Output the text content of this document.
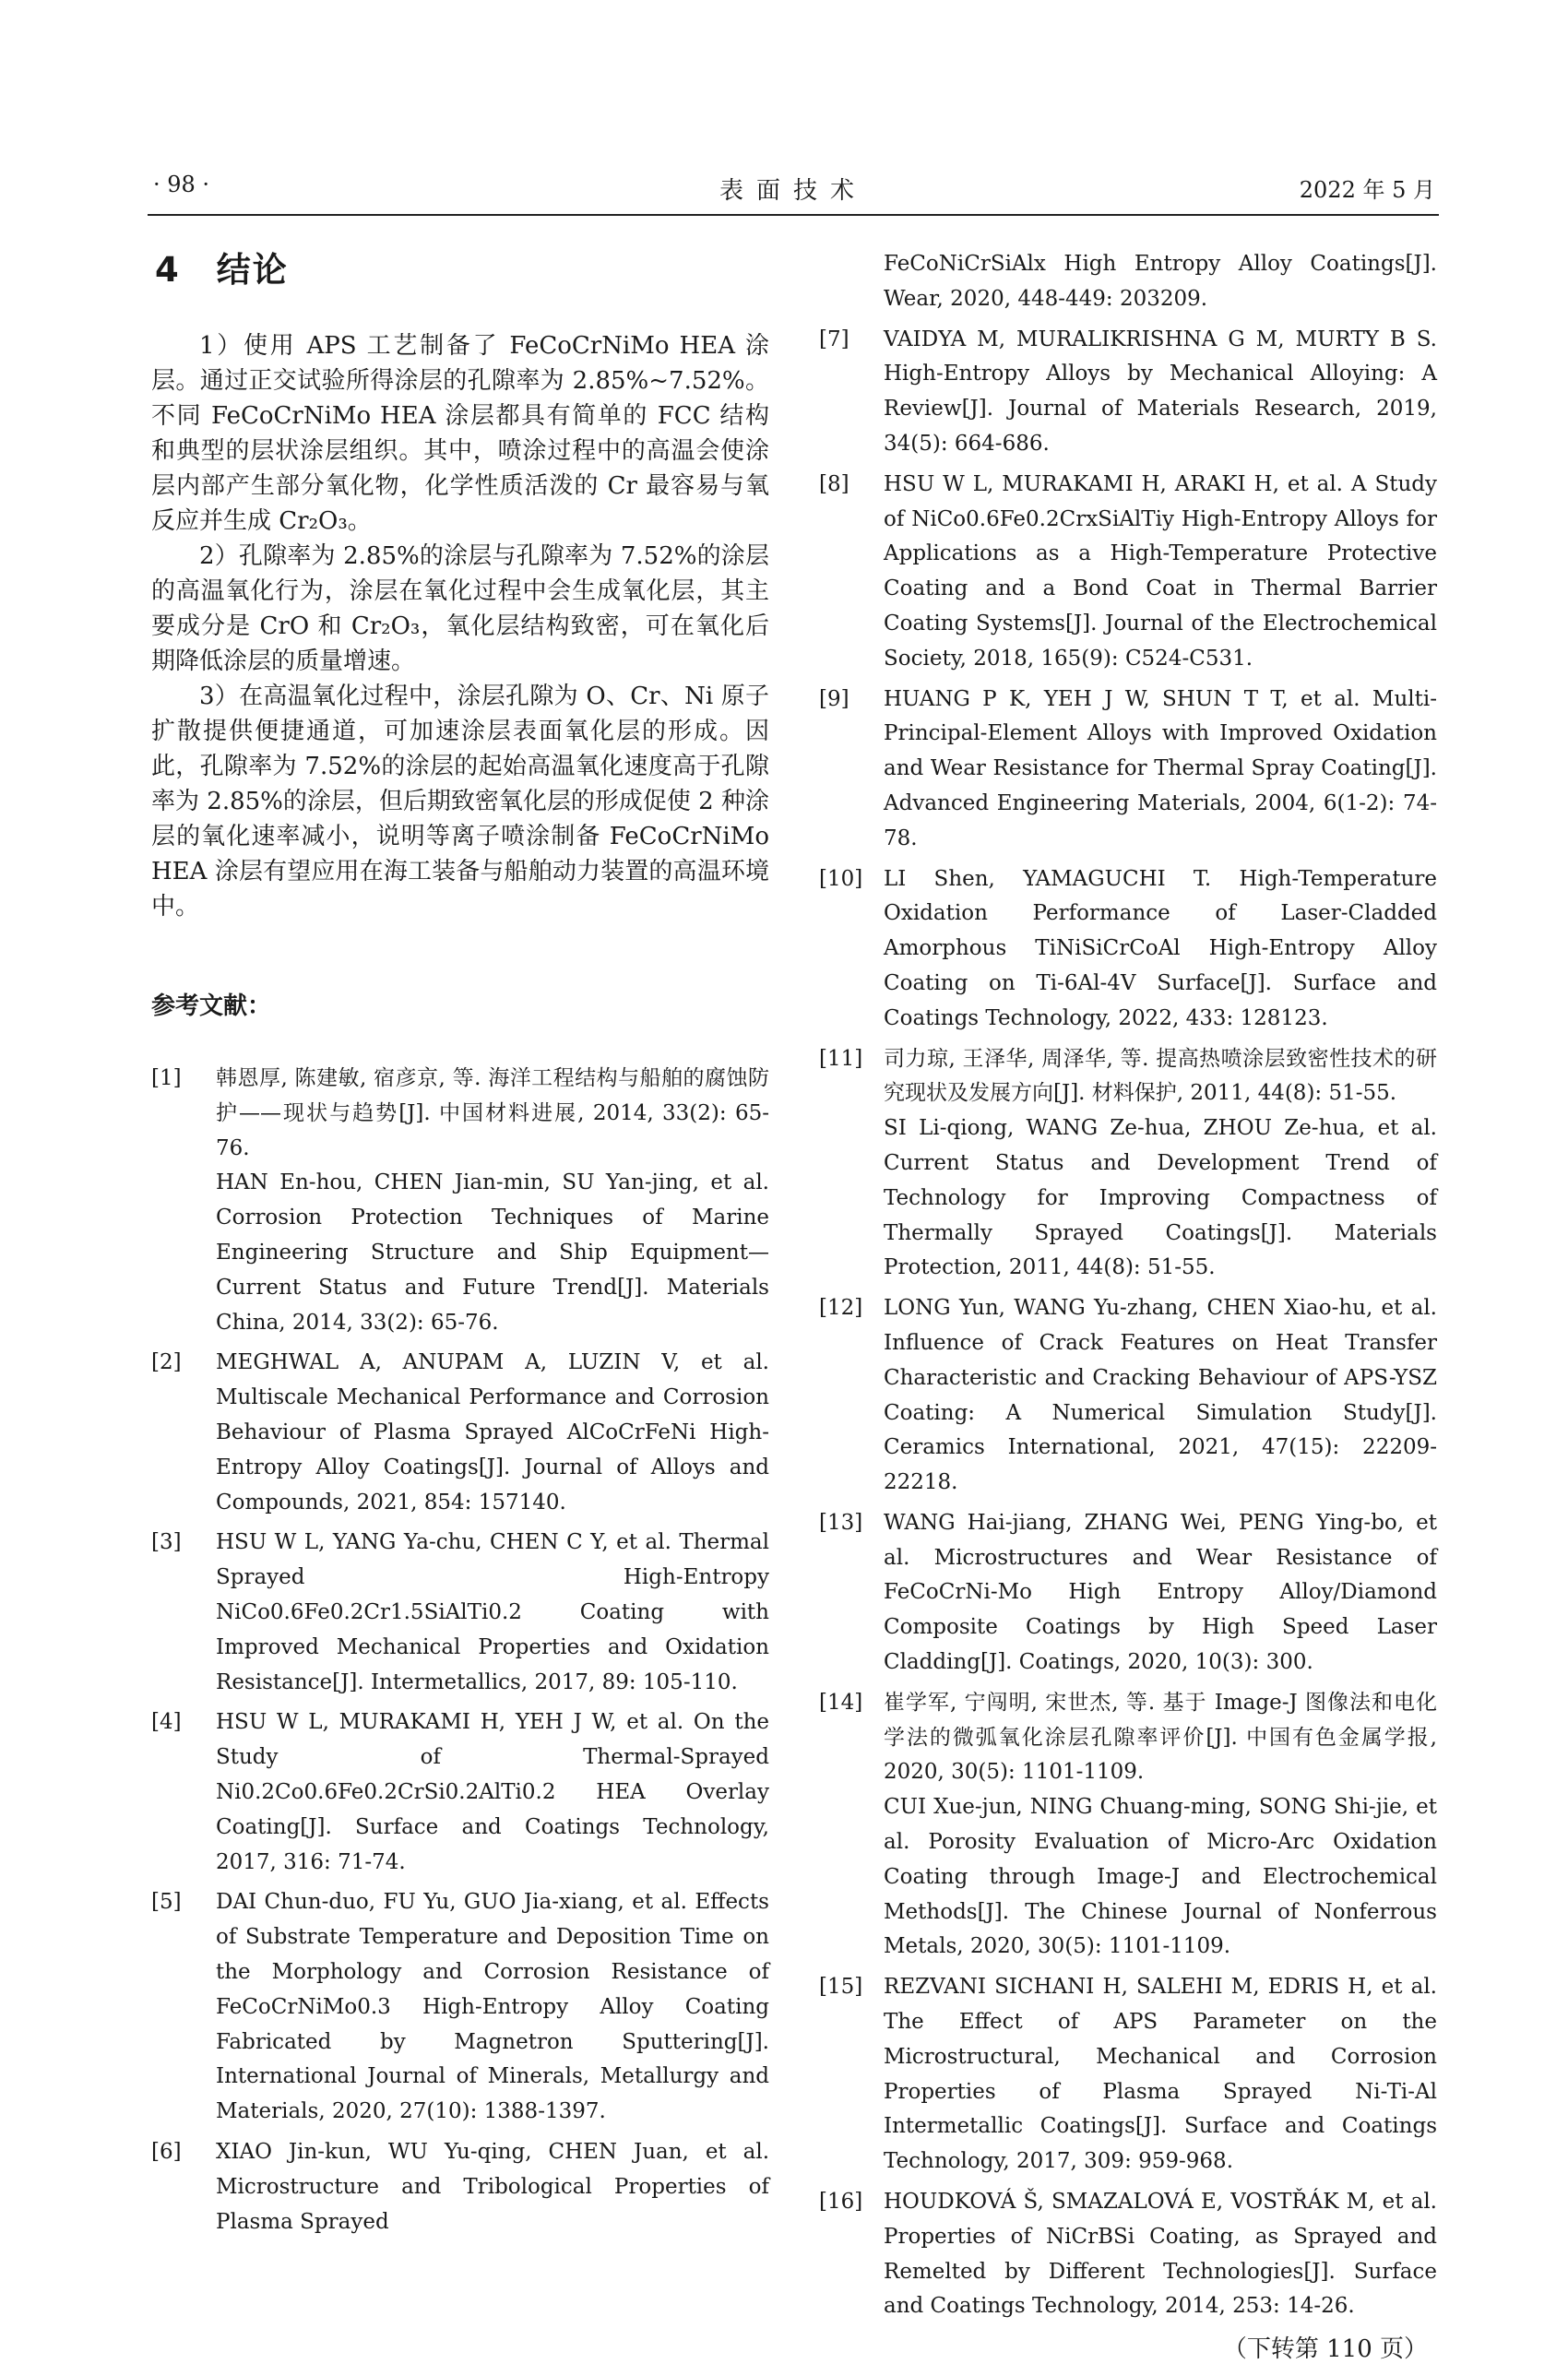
· 98 ·	表面技术	2022 年 5 月
4　结论

1）使用 APS 工艺制备了 FeCoCrNiMo HEA 涂层。通过正交试验所得涂层的孔隙率为 2.85%~7.52%。不同 FeCoCrNiMo HEA 涂层都具有简单的 FCC 结构和典型的层状涂层组织。其中，喷涂过程中的高温会使涂层内部产生部分氧化物，化学性质活泼的 Cr 最容易与氧反应并生成 Cr₂O₃。

2）孔隙率为 2.85%的涂层与孔隙率为 7.52%的涂层的高温氧化行为，涂层在氧化过程中会生成氧化层，其主要成分是 CrO 和 Cr₂O₃，氧化层结构致密，可在氧化后期降低涂层的质量增速。

3）在高温氧化过程中，涂层孔隙为 O、Cr、Ni 原子扩散提供便捷通道，可加速涂层表面氧化层的形成。因此，孔隙率为 7.52%的涂层的起始高温氧化速度高于孔隙率为 2.85%的涂层，但后期致密氧化层的形成促使 2 种涂层的氧化速率减小，说明等离子喷涂制备 FeCoCrNiMo HEA 涂层有望应用在海工装备与船舶动力装置的高温环境中。

参考文献：
[1] 韩恩厚, 陈建敏, 宿彦京, 等. 海洋工程结构与船舶的腐蚀防护——现状与趋势[J]. 中国材料进展, 2014, 33(2): 65-76.
HAN En-hou, CHEN Jian-min, SU Yan-jing, et al. Corrosion Protection Techniques of Marine Engineering Structure and Ship Equipment—Current Status and Future Trend[J]. Materials China, 2014, 33(2): 65-76.
[2] MEGHWAL A, ANUPAM A, LUZIN V, et al. Multiscale Mechanical Performance and Corrosion Behaviour of Plasma Sprayed AlCoCrFeNi High-Entropy Alloy Coatings[J]. Journal of Alloys and Compounds, 2021, 854: 157140.
[3] HSU W L, YANG Ya-chu, CHEN C Y, et al. Thermal Sprayed High-Entropy NiCo0.6Fe0.2Cr1.5SiAlTi0.2 Coating with Improved Mechanical Properties and Oxidation Resistance[J]. Intermetallics, 2017, 89: 105-110.
[4] HSU W L, MURAKAMI H, YEH J W, et al. On the Study of Thermal-Sprayed Ni0.2Co0.6Fe0.2CrSi0.2AlTi0.2 HEA Overlay Coating[J]. Surface and Coatings Technology, 2017, 316: 71-74.
[5] DAI Chun-duo, FU Yu, GUO Jia-xiang, et al. Effects of Substrate Temperature and Deposition Time on the Morphology and Corrosion Resistance of FeCoCrNiMo0.3 High-Entropy Alloy Coating Fabricated by Magnetron Sputtering[J]. International Journal of Minerals, Metallurgy and Materials, 2020, 27(10): 1388-1397.
[6] XIAO Jin-kun, WU Yu-qing, CHEN Juan, et al. Microstructure and Tribological Properties of Plasma Sprayed
FeCoNiCrSiAlx High Entropy Alloy Coatings[J]. Wear, 2020, 448-449: 203209.
[7] VAIDYA M, MURALIKRISHNA G M, MURTY B S. High-Entropy Alloys by Mechanical Alloying: A Review[J]. Journal of Materials Research, 2019, 34(5): 664-686.
[8] HSU W L, MURAKAMI H, ARAKI H, et al. A Study of NiCo0.6Fe0.2CrxSiAlTiy High-Entropy Alloys for Applications as a High-Temperature Protective Coating and a Bond Coat in Thermal Barrier Coating Systems[J]. Journal of the Electrochemical Society, 2018, 165(9): C524-C531.
[9] HUANG P K, YEH J W, SHUN T T, et al. Multi-Principal-Element Alloys with Improved Oxidation and Wear Resistance for Thermal Spray Coating[J]. Advanced Engineering Materials, 2004, 6(1-2): 74-78.
[10] LI Shen, YAMAGUCHI T. High-Temperature Oxidation Performance of Laser-Cladded Amorphous TiNiSiCrCoAl High-Entropy Alloy Coating on Ti-6Al-4V Surface[J]. Surface and Coatings Technology, 2022, 433: 128123.
[11] 司力琼, 王泽华, 周泽华, 等. 提高热喷涂层致密性技术的研究现状及发展方向[J]. 材料保护, 2011, 44(8): 51-55.
SI Li-qiong, WANG Ze-hua, ZHOU Ze-hua, et al. Current Status and Development Trend of Technology for Improving Compactness of Thermally Sprayed Coatings[J]. Materials Protection, 2011, 44(8): 51-55.
[12] LONG Yun, WANG Yu-zhang, CHEN Xiao-hu, et al. Influence of Crack Features on Heat Transfer Characteristic and Cracking Behaviour of APS-YSZ Coating: A Numerical Simulation Study[J]. Ceramics International, 2021, 47(15): 22209-22218.
[13] WANG Hai-jiang, ZHANG Wei, PENG Ying-bo, et al. Microstructures and Wear Resistance of FeCoCrNi-Mo High Entropy Alloy/Diamond Composite Coatings by High Speed Laser Cladding[J]. Coatings, 2020, 10(3): 300.
[14] 崔学军, 宁闯明, 宋世杰, 等. 基于 Image-J 图像法和电化学法的微弧氧化涂层孔隙率评价[J]. 中国有色金属学报, 2020, 30(5): 1101-1109.
CUI Xue-jun, NING Chuang-ming, SONG Shi-jie, et al. Porosity Evaluation of Micro-Arc Oxidation Coating through Image-J and Electrochemical Methods[J]. The Chinese Journal of Nonferrous Metals, 2020, 30(5): 1101-1109.
[15] REZVANI SICHANI H, SALEHI M, EDRIS H, et al. The Effect of APS Parameter on the Microstructural, Mechanical and Corrosion Properties of Plasma Sprayed Ni-Ti-Al Intermetallic Coatings[J]. Surface and Coatings Technology, 2017, 309: 959-968.
[16] HOUDKOVÁ Š, SMAZALOVÁ E, VOSTŘÁK M, et al. Properties of NiCrBSi Coating, as Sprayed and Remelted by Different Technologies[J]. Surface and Coatings Technology, 2014, 253: 14-26.
（下转第 110 页）
